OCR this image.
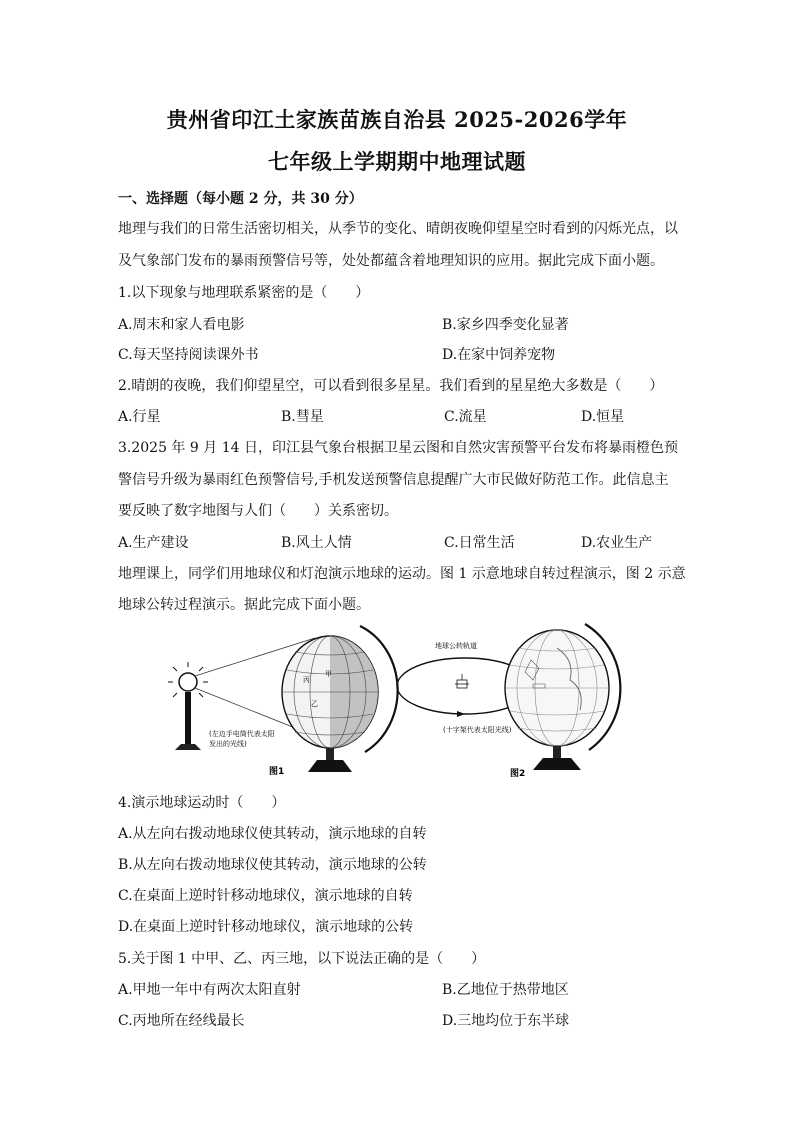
贵州省印江土家族苗族自治县 2025-2026学年
七年级上学期期中地理试题
一、选择题（每小题 2 分，共 30 分）
地理与我们的日常生活密切相关，从季节的变化、晴朗夜晚仰望星空时看到的闪烁光点，以
及气象部门发布的暴雨预警信号等，处处都蕴含着地理知识的应用。据此完成下面小题。
1.以下现象与地理联系紧密的是（　　）
A.周末和家人看电影	B.家乡四季变化显著
C.每天坚持阅读课外书	D.在家中饲养宠物
2.晴朗的夜晚，我们仰望星空，可以看到很多星星。我们看到的星星绝大多数是（　　）
A.行星	B.彗星	C.流星	D.恒星
3.2025 年 9 月 14 日，印江县气象台根据卫星云图和自然灾害预警平台发布将暴雨橙色预
警信号升级为暴雨红色预警信号,手机发送预警信息提醒广大市民做好防范工作。此信息主
要反映了数字地图与人们（　　）关系密切。
A.生产建设	B.风土人情	C.日常生活	D.农业生产
地理课上，同学们用地球仪和灯泡演示地球的运动。图 1 示意地球自转过程演示，图 2 示意
地球公转过程演示。据此完成下面小题。
甲
丙
乙
(左边手电筒代表太阳
发出的光线)
图1
地球公转轨道
(十字架代表太阳光线)
图2
4.演示地球运动时（　　）
A.从左向右拨动地球仪使其转动，演示地球的自转
B.从左向右拨动地球仪使其转动，演示地球的公转
C.在桌面上逆时针移动地球仪，演示地球的自转
D.在桌面上逆时针移动地球仪，演示地球的公转
5.关于图 1 中甲、乙、丙三地，以下说法正确的是（　　）
A.甲地一年中有两次太阳直射	B.乙地位于热带地区
C.丙地所在经线最长	D.三地均位于东半球
